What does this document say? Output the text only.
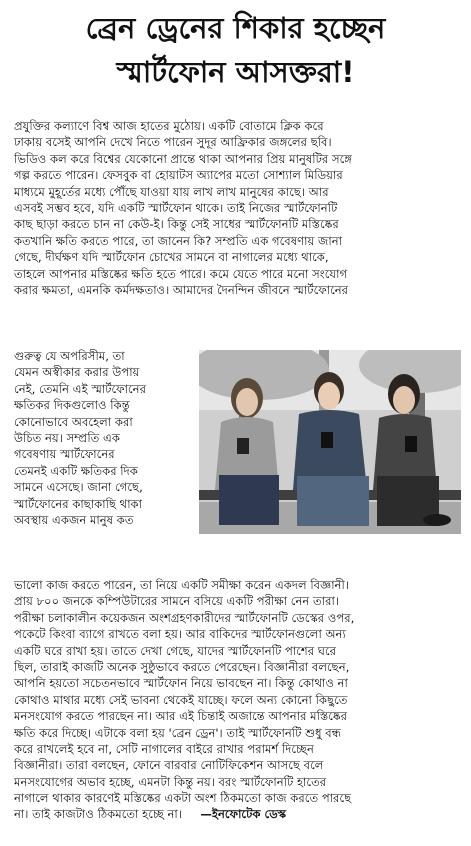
ব্রেন ড্রেনের শিকার হচ্ছেন
স্মার্টফোন আসক্তরা!
প্রযুক্তির কল্যাণে বিশ্ব আজ হাতের মুঠোয়। একটি বোতামে ক্লিক করে
ঢাকায় বসেই আপনি দেখে নিতে পারেন সুদূর আফ্রিকার জঙ্গলের ছবি।
ভিডিও কল করে বিশ্বের যেকোনো প্রান্তে থাকা আপনার প্রিয় মানুষটির সঙ্গে
গল্প করতে পারেন। ফেসবুক বা হোয়াটস অ্যাপের মতো সোশ্যাল মিডিয়ার
মাধ্যমে মুহূর্তের মধ্যে পৌঁছে যাওয়া যায় লাখ লাখ মানুষের কাছে। আর
এসবই সম্ভব হবে, যদি একটি স্মার্টফোন থাকে। তাই নিজের স্মার্টফোনটি
কাছ ছাড়া করতে চান না কেউ-ই। কিন্তু সেই সাধের স্মার্টফোনটি মস্তিষ্কের
কতখানি ক্ষতি করতে পারে, তা জানেন কি? সম্প্রতি এক গবেষণায় জানা
গেছে, দীর্ঘক্ষণ যদি স্মার্টফোন চোখের সামনে বা নাগালের মধ্যে থাকে,
তাহলে আপনার মস্তিষ্কের ক্ষতি হতে পারে। কমে যেতে পারে মনো সংযোগ
করার ক্ষমতা, এমনকি কর্মদক্ষতাও। আমাদের দৈনন্দিন জীবনে স্মার্টফোনের
গুরুত্ব যে অপরিসীম, তা
যেমন অস্বীকার করার উপায়
নেই, তেমনি এই স্মার্টফোনের
ক্ষতিকর দিকগুলোও কিন্তু
কোনোভাবে অবহেলা করা
উচিত নয়। সম্প্রতি এক
গবেষণায় স্মার্টফোনের
তেমনই একটি ক্ষতিকর দিক
সামনে এসেছে। জানা গেছে,
স্মার্টফোনের কাছাকাছি থাকা
অবস্থায় একজন মানুষ কত
ভালো কাজ করতে পারেন, তা নিয়ে একটি সমীক্ষা করেন একদল বিজ্ঞানী।
প্রায় ৮০০ জনকে কম্পিউটারের সামনে বসিয়ে একটি পরীক্ষা নেন তারা।
পরীক্ষা চলাকালীন কয়েকজন অংশগ্রহণকারীদের স্মার্টফোনটি ডেস্কের ওপর,
পকেটে কিংবা ব্যাগে রাখতে বলা হয়। আর বাকিদের স্মার্টফোনগুলো অন্য
একটি ঘরে রাখা হয়। তাতে দেখা গেছে, যাদের স্মার্টফোনটি পাশের ঘরে
ছিল, তারাই কাজটি অনেক সুষ্ঠুভাবে করতে পেরেছেন। বিজ্ঞানীরা বলছেন,
আপনি হয়তো সচেতনভাবে স্মার্টফোন নিয়ে ভাবছেন না। কিন্তু কোথাও না
কোথাও মাথার মধ্যে সেই ভাবনা থেকেই যাচ্ছে। ফলে অন্য কোনো কিছুতে
মনসংযোগ করতে পারছেন না। আর এই চিন্তাই অজান্তে আপনার মস্তিষ্কের
ক্ষতি করে দিচ্ছে। এটাকে বলা হয় 'ব্রেন ড্রেন'। তাই স্মার্টফোনটি শুধু বন্ধ
করে রাখলেই হবে না, সেটি নাগালের বাইরে রাখার পরামর্শ দিচ্ছেন
বিজ্ঞানীরা। তারা বলছেন, ফোনে বারবার নোটিফিকেশন আসছে বলে
মনসংযোগের অভাব হচ্ছে, এমনটা কিন্তু নয়। বরং স্মার্টফোনটি হাতের
নাগালে থাকার কারণেই মস্তিষ্কের একটা অংশ ঠিকমতো কাজ করতে পারছে
না। তাই কাজটাও ঠিকমতো হচ্ছে না। —ইনফোটেক ডেস্ক
